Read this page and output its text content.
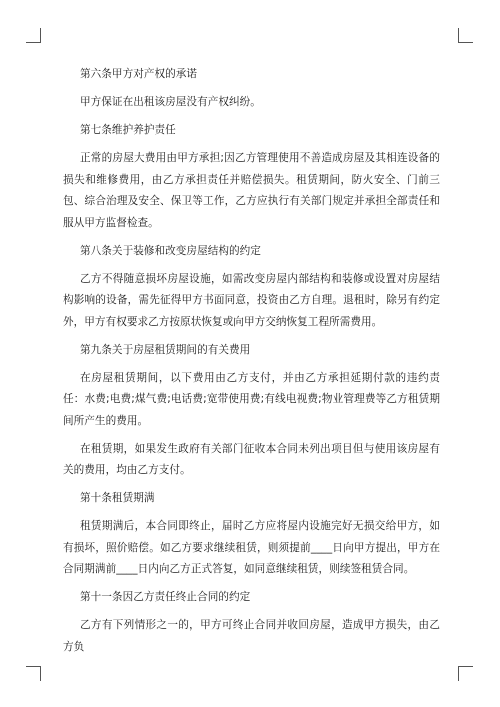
第六条甲方对产权的承诺

甲方保证在出租该房屋没有产权纠纷。

第七条维护养护责任

正常的房屋大费用由甲方承担;因乙方管理使用不善造成房屋及其相连设备的损失和维修费用，由乙方承担责任并赔偿损失。租赁期间，防火安全、门前三包、综合治理及安全、保卫等工作，乙方应执行有关部门规定并承担全部责任和服从甲方监督检查。

第八条关于装修和改变房屋结构的约定

乙方不得随意损坏房屋设施，如需改变房屋内部结构和装修或设置对房屋结构影响的设备，需先征得甲方书面同意，投资由乙方自理。退租时，除另有约定外，甲方有权要求乙方按原状恢复或向甲方交纳恢复工程所需费用。

第九条关于房屋租赁期间的有关费用

在房屋租赁期间，以下费用由乙方支付，并由乙方承担延期付款的违约责任：水费;电费;煤气费;电话费;宽带使用费;有线电视费;物业管理费等乙方租赁期间所产生的费用。

在租赁期，如果发生政府有关部门征收本合同未列出项目但与使用该房屋有关的费用，均由乙方支付。

第十条租赁期满

租赁期满后，本合同即终止，届时乙方应将屋内设施完好无损交给甲方，如有损坏，照价赔偿。如乙方要求继续租赁，则须提前____日向甲方提出，甲方在合同期满前____日内向乙方正式答复，如同意继续租赁，则续签租赁合同。

第十一条因乙方责任终止合同的约定

乙方有下列情形之一的，甲方可终止合同并收回房屋，造成甲方损失，由乙方负
